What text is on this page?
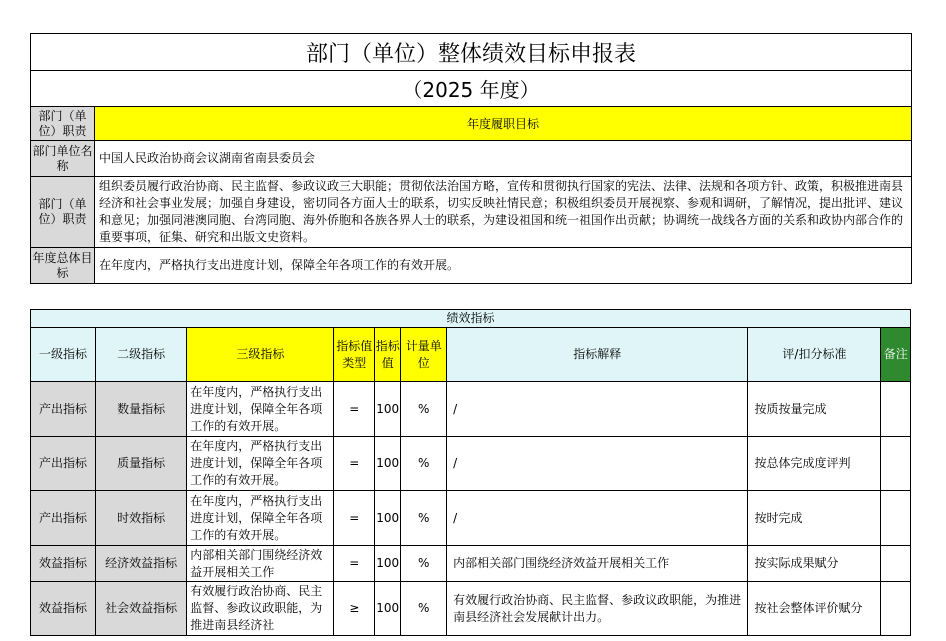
部门（单位）整体绩效目标申报表	
（2025 年度）	
部门（单位）职责	年度履职目标
部门单位名称	中国人民政治协商会议湖南省南县委员会
部门（单位）职责	组织委员履行政治协商、民主监督、参政议政三大职能；贯彻依法治国方略，宣传和贯彻执行国家的宪法、法律、法规和各项方针、政策，积极推进南县经济和社会事业发展；加强自身建设，密切同各方面人士的联系，切实反映社情民意；积极组织委员开展视察、参观和调研，了解情况，提出批评、建议和意见；加强同港澳同胞、台湾同胞、海外侨胞和各族各界人士的联系，为建设祖国和统一祖国作出贡献；协调统一战线各方面的关系和政协内部合作的重要事项，征集、研究和出版文史资料。
年度总体目标	在年度内，严格执行支出进度计划，保障全年各项工作的有效开展。
绩效指标								
一级指标	二级指标	三级指标	指标值类型	指标值	计量单位	指标解释	评/扣分标准	备注
产出指标	数量指标	在年度内，严格执行支出进度计划，保障全年各项工作的有效开展。	=	100	%	/	按质按量完成	
产出指标	质量指标	在年度内，严格执行支出进度计划，保障全年各项工作的有效开展。	=	100	%	/	按总体完成度评判	
产出指标	时效指标	在年度内，严格执行支出进度计划，保障全年各项工作的有效开展。	=	100	%	/	按时完成	
效益指标	经济效益指标	内部相关部门围绕经济效益开展相关工作	=	100	%	内部相关部门围绕经济效益开展相关工作	按实际成果赋分	
效益指标	社会效益指标	有效履行政治协商、民主监督、参政议政职能，为推进南县经济社	≥	100	%	有效履行政治协商、民主监督、参政议政职能，为推进南县经济社会发展献计出力。	按社会整体评价赋分	
